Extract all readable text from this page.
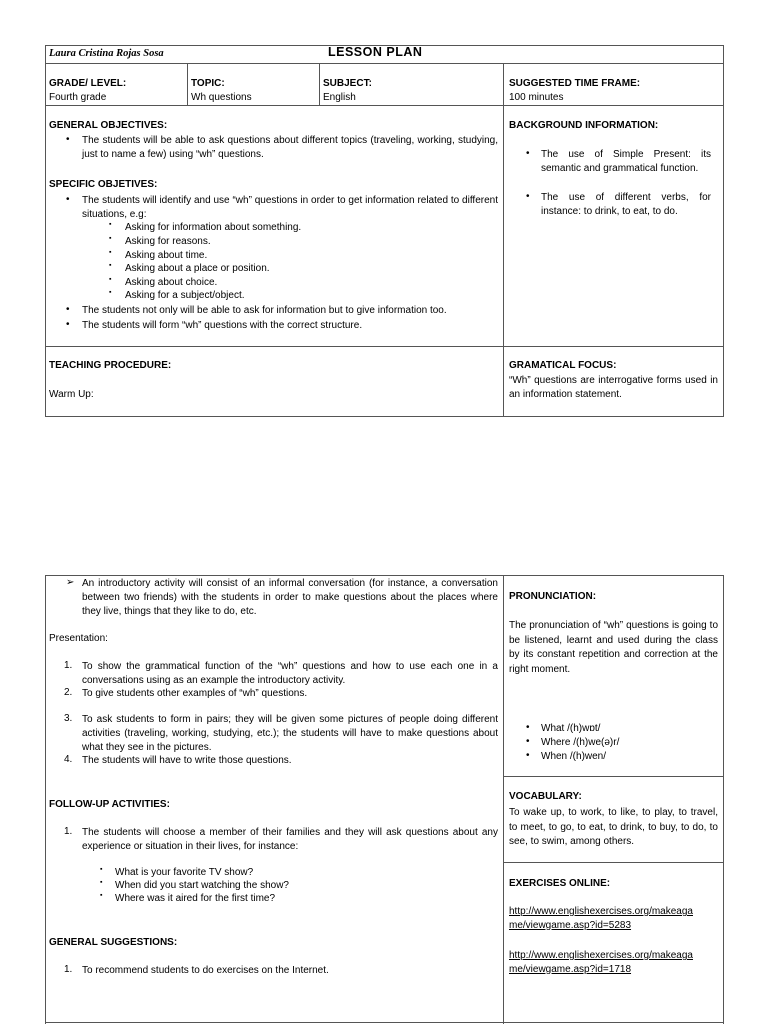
Laura Cristina Rojas Sosa	LESSON PLAN
GRADE/ LEVEL:
Fourth grade
TOPIC:
Wh questions
SUBJECT:
English
SUGGESTED TIME FRAME:
100 minutes
GENERAL OBJECTIVES:
• The students will be able to ask questions about different topics (traveling, working, studying, just to name a few) using “wh” questions.
SPECIFIC OBJETIVES:
• The students will identify and use “wh” questions in order to get information related to different situations, e.g:
▪ Asking for information about something.
▪ Asking for reasons.
▪ Asking about time.
▪ Asking about a place or position.
▪ Asking about choice.
▪ Asking for a subject/object.
• The students not only will be able to ask for information but to give information too.
• The students will form “wh” questions with the correct structure.
BACKGROUND INFORMATION:
• The use of Simple Present: its semantic and grammatical function.
• The use of different verbs, for instance: to drink, to eat, to do.
TEACHING PROCEDURE:
Warm Up:
GRAMATICAL FOCUS:
“Wh” questions are interrogative forms used in an information statement.
➢ An introductory activity will consist of an informal conversation (for instance, a conversation between two friends) with the students in order to make questions about the places where they live, things that they like to do, etc.
Presentation:
1. To show the grammatical function of the “wh” questions and how to use each one in a conversations using as an example the introductory activity.
2. To give students other examples of “wh” questions.
3. To ask students to form in pairs; they will be given some pictures of people doing different activities (traveling, working, studying, etc.); the students will have to make questions about what they see in the pictures.
4. The students will have to write those questions.
FOLLOW-UP ACTIVITIES:
1. The students will choose a member of their families and they will ask questions about any experience or situation in their lives, for instance:
▪ What is your favorite TV show?
▪ When did you start watching the show?
▪ Where was it aired for the first time?
GENERAL SUGGESTIONS:
1. To recommend students to do exercises on the Internet.
PRONUNCIATION:
The pronunciation of “wh” questions is going to be listened, learnt and used during the class by its constant repetition and correction at the right moment.
• What /(h)wɒt/
• Where /(h)we(ə)r/
• When /(h)wen/
VOCABULARY:
To wake up, to work, to like, to play, to travel, to meet, to go, to eat, to drink, to buy, to do, to see, to swim, among others.
EXERCISES ONLINE:
http://www.englishexercises.org/makeaga
me/viewgame.asp?id=5283
http://www.englishexercises.org/makeaga
me/viewgame.asp?id=1718
